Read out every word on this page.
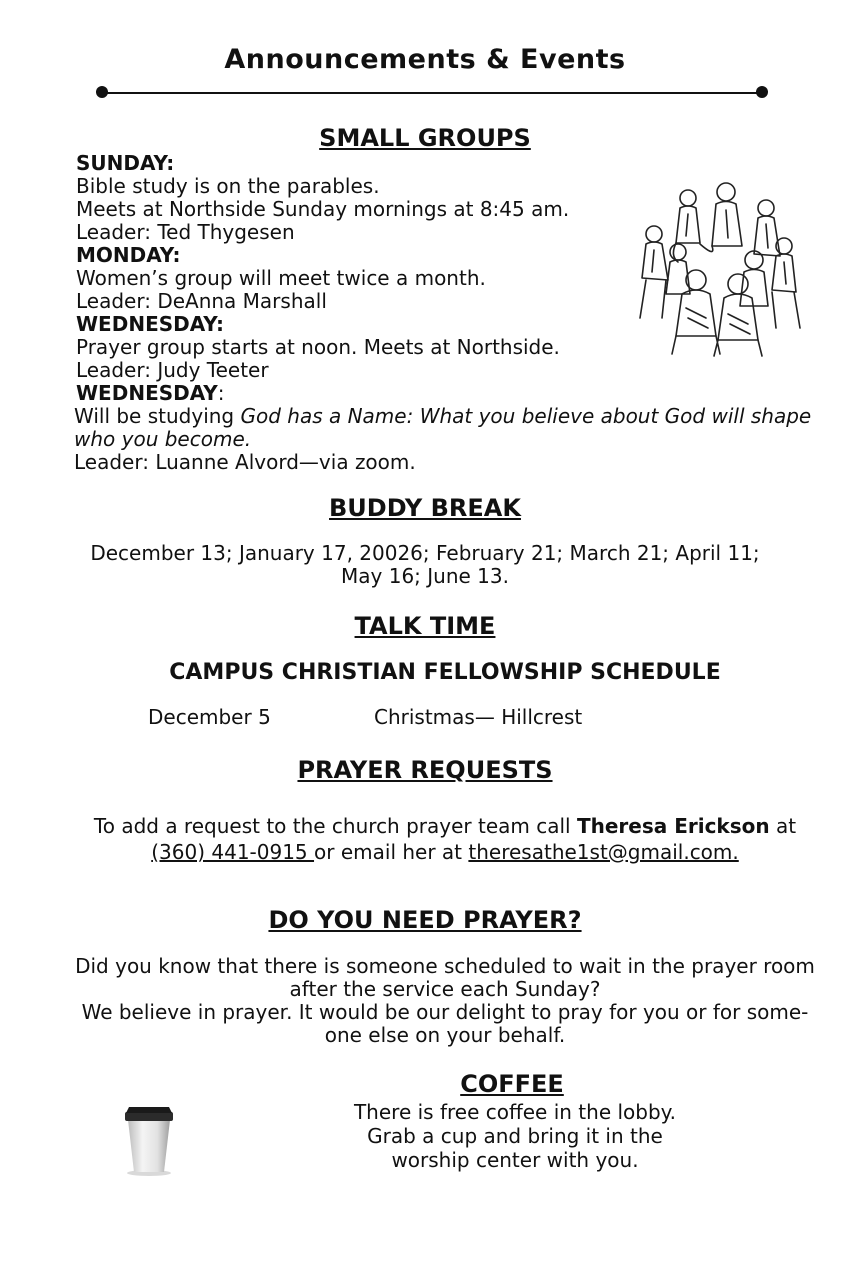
Announcements & Events
SMALL GROUPS
SUNDAY:
Bible study is on the parables.
Meets at Northside Sunday mornings at 8:45 am.
Leader: Ted Thygesen
MONDAY:
Women’s group will meet twice a month.
Leader: DeAnna Marshall
WEDNESDAY:
Prayer group starts at noon. Meets at Northside.
Leader: Judy Teeter
WEDNESDAY:
Will be studying God has a Name: What you believe about God will shape
who you become.
Leader: Luanne Alvord—via zoom.
BUDDY BREAK
December 13; January 17, 20026; February 21; March 21; April 11;
May 16; June 13.
TALK TIME
CAMPUS CHRISTIAN FELLOWSHIP SCHEDULE
December 5	Christmas— Hillcrest
PRAYER REQUESTS
To add a request to the church prayer team call Theresa Erickson at
(360) 441-0915 or email her at theresathe1st@gmail.com.
DO YOU NEED PRAYER?
Did you know that there is someone scheduled to wait in the prayer room
after the service each Sunday?
We believe in prayer. It would be our delight to pray for you or for some-
one else on your behalf.
COFFEE
There is free coffee in the lobby.
Grab a cup and bring it in the
worship center with you.
